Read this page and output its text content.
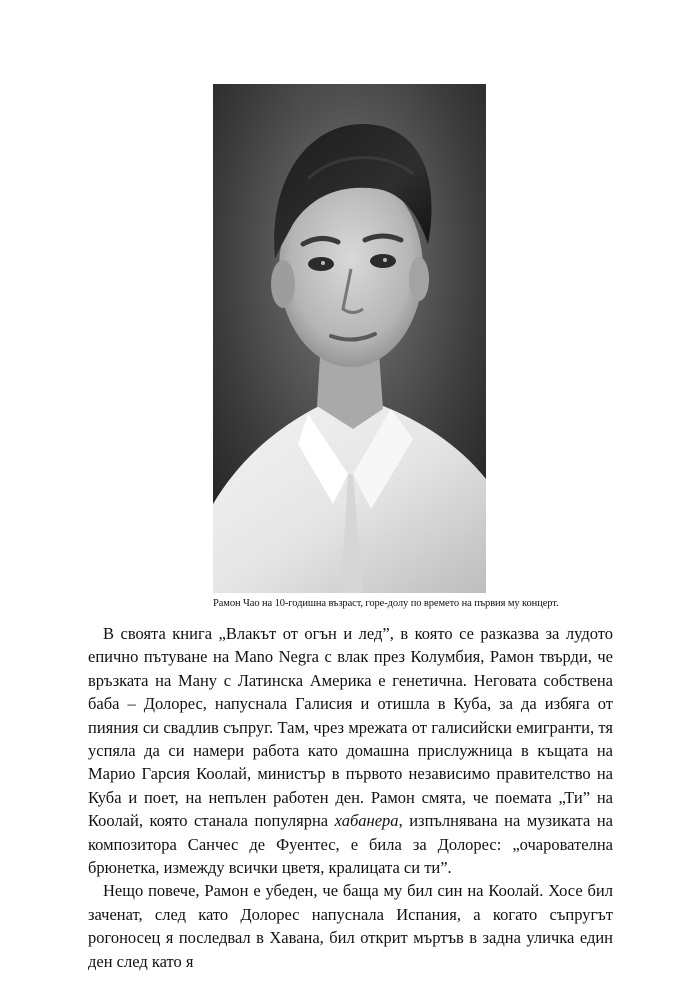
Рамон Чао на 10-годишна възраст, горе-долу по времето на първия му концерт.

В своята книга „Влакът от огън и лед”, в която се разказва за лудото епично пътуване на Mano Negra с влак през Колумбия, Рамон твърди, че връзката на Ману с Латинска Америка е генетична. Неговата собствена баба – Долорес, напуснала Галисия и отишла в Куба, за да избяга от пияния си свадлив съпруг. Там, чрез мрежата от галисийски емигранти, тя успяла да си намери работа като домашна прислужница в къщата на Марио Гарсия Коолай, министър в първото независимо правителство на Куба и поет, на непълен работен ден. Рамон смята, че поемата „Ти” на Коолай, която станала популярна хабанера, изпълнявана на музиката на композитора Санчес де Фуентес, е била за Долорес: „очарователна брюнетка, измежду всички цветя, кралицата си ти”.

Нещо повече, Рамон е убеден, че баща му бил син на Коолай. Хосе бил заченат, след като Долорес напуснала Испания, а когато съпругът рогоносец я последвал в Хавана, бил открит мъртъв в задна уличка един ден след като я
